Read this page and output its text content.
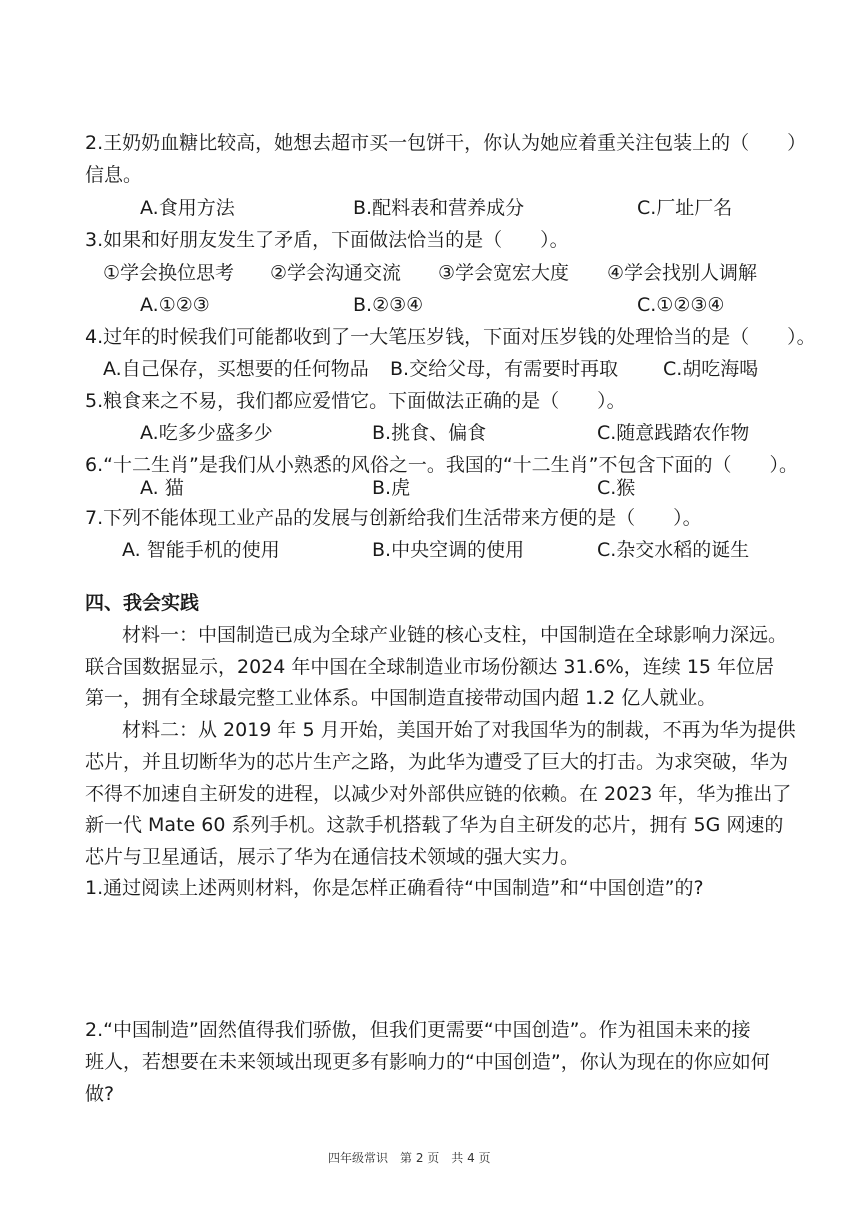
2.王奶奶血糖比较高，她想去超市买一包饼干，你认为她应着重关注包装上的（　　）
信息。
A.食用方法	B.配料表和营养成分	C.厂址厂名
3.如果和好朋友发生了矛盾，下面做法恰当的是（　　）。
①学会换位思考 ②学会沟通交流 ③学会宽宏大度 ④学会找别人调解
A.①②③	B.②③④	C.①②③④
4.过年的时候我们可能都收到了一大笔压岁钱，下面对压岁钱的处理恰当的是（　　）。
A.自己保存，买想要的任何物品 B.交给父母，有需要时再取 C.胡吃海喝
5.粮食来之不易，我们都应爱惜它。下面做法正确的是（　　）。
A.吃多少盛多少	B.挑食、偏食	C.随意践踏农作物
6.“十二生肖”是我们从小熟悉的风俗之一。我国的“十二生肖”不包含下面的（　　）。
A. 猫	B.虎	C.猴
7.下列不能体现工业产品的发展与创新给我们生活带来方便的是（　　）。
A. 智能手机的使用	B.中央空调的使用	C.杂交水稻的诞生
四、我会实践
材料一：中国制造已成为全球产业链的核心支柱，中国制造在全球影响力深远。
联合国数据显示，2024 年中国在全球制造业市场份额达 31.6%，连续 15 年位居
第一，拥有全球最完整工业体系。中国制造直接带动国内超 1.2 亿人就业。
材料二：从 2019 年 5 月开始，美国开始了对我国华为的制裁，不再为华为提供
芯片，并且切断华为的芯片生产之路，为此华为遭受了巨大的打击。为求突破，华为
不得不加速自主研发的进程，以减少对外部供应链的依赖。在 2023 年，华为推出了
新一代 Mate 60 系列手机。这款手机搭载了华为自主研发的芯片，拥有 5G 网速的
芯片与卫星通话，展示了华为在通信技术领域的强大实力。
1.通过阅读上述两则材料，你是怎样正确看待“中国制造”和“中国创造”的?
2.“中国制造”固然值得我们骄傲，但我们更需要“中国创造”。作为祖国未来的接
班人，若想要在未来领域出现更多有影响力的“中国创造”，你认为现在的你应如何
做?
四年级常识　第 2 页　共 4 页
